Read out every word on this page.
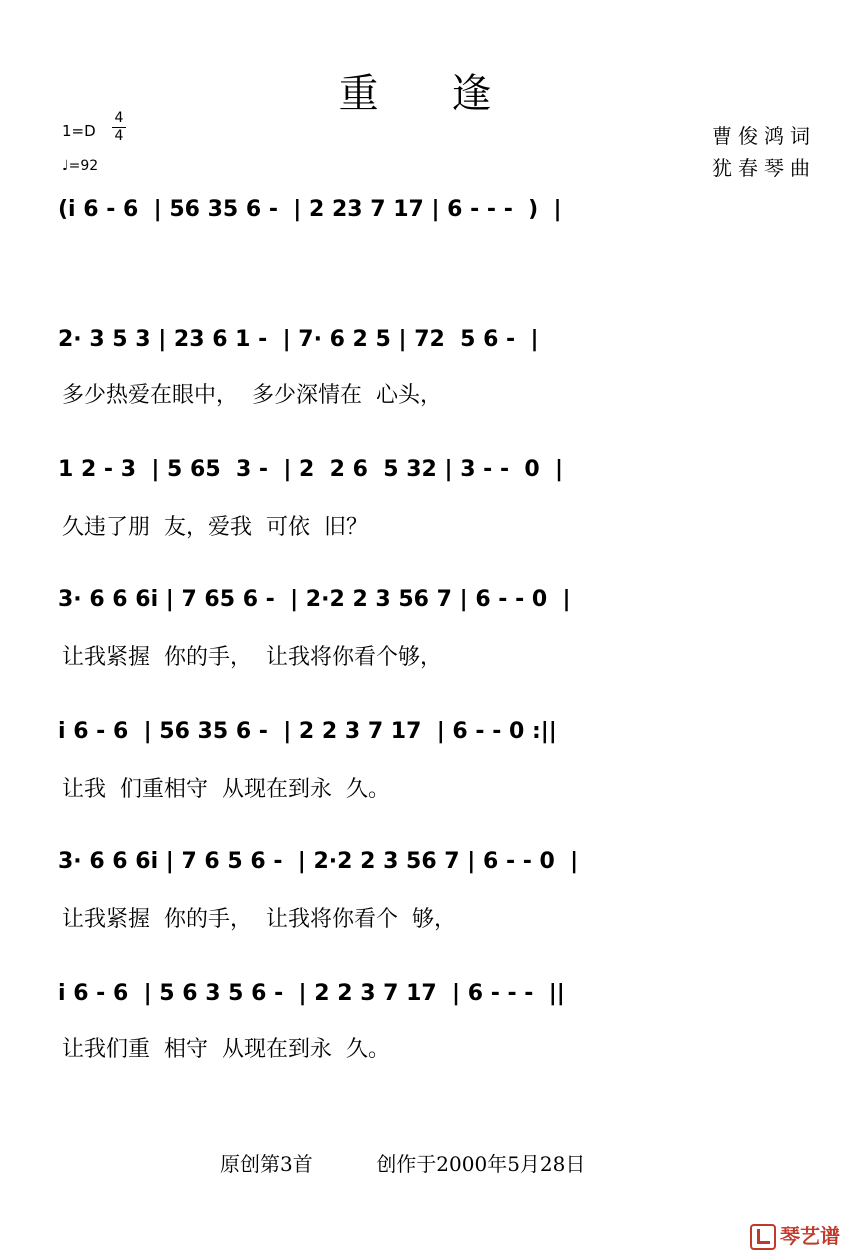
重 逢
1=D
4
4
♩=92
曹俊鸿词
犹春琴曲
(i 6 - 6  | 56 35 6 -  | 2 23 7 17 | 6 - - -  )  |
2· 3 5 3 | 23 6 1 -  | 7· 6 2 5 | 72  5 6 -  |
多少热爱在眼中，  多少深情在  心头，
1 2 - 3  | 5 65  3 -  | 2  2 6  5 32 | 3 - -  0  |
久违了朋  友，爱我  可依  旧？
3· 6 6 6i | 7 65 6 -  | 2·2 2 3 56 7 | 6 - - 0  |
让我紧握  你的手，  让我将你看个够，
i 6 - 6  | 56 35 6 -  | 2 2 3 7 17  | 6 - - 0 :||
让我  们重相守  从现在到永  久。
3· 6 6 6i | 7 6 5 6 -  | 2·2 2 3 56 7 | 6 - - 0  |
让我紧握  你的手，  让我将你看个  够，
i 6 - 6  | 5 6 3 5 6 -  | 2 2 3 7 17  | 6 - - -  ||
让我们重  相守  从现在到永  久。
原创第3首	创作于2000年5月28日
琴艺谱
